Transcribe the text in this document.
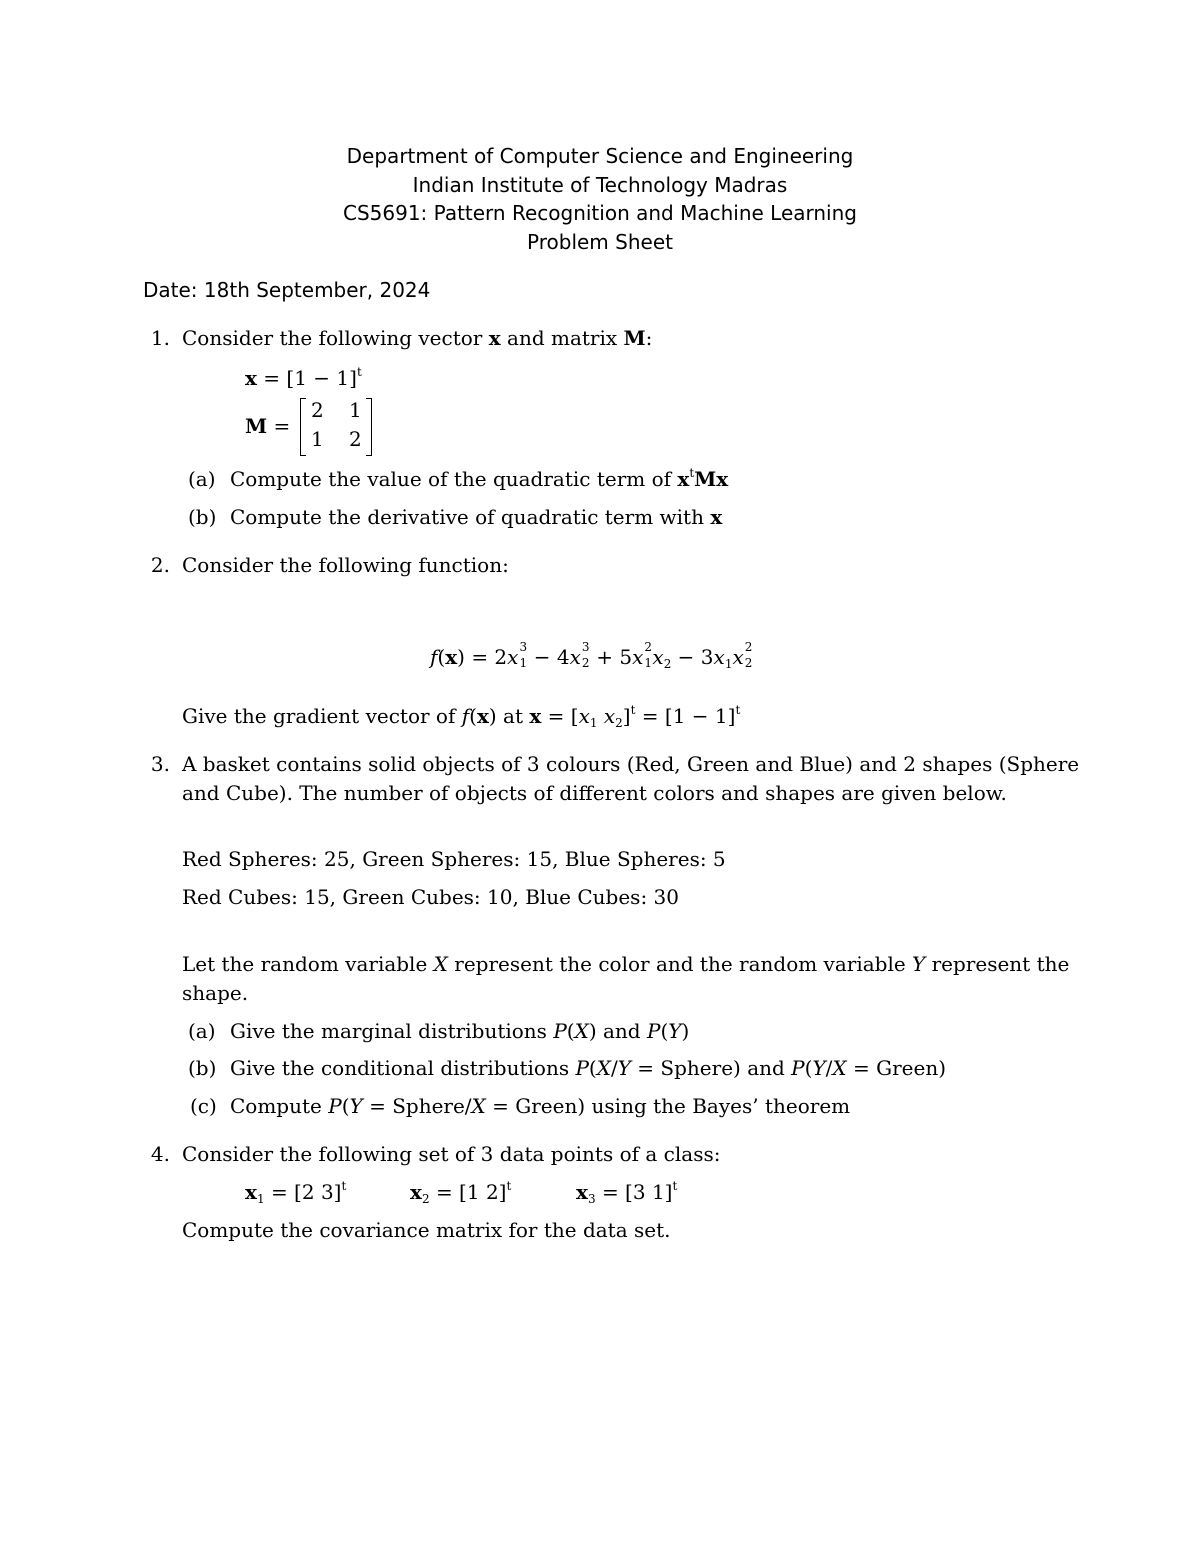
Department of Computer Science and Engineering
Indian Institute of Technology Madras
CS5691: Pattern Recognition and Machine Learning
Problem Sheet
Date: 18th September, 2024
1. Consider the following vector x and matrix M:
$x = [1 - 1]^t$
M =
2 1
1 2
(a) Compute the value of the quadratic term of $x^tMx$
(b) Compute the derivative of quadratic term with x
2. Consider the following function:
f(x) = 2x 3
1 − 4x 3
2 + 5x 2
1 $x_2 - 3x_1x$ 2
2
Give the gradient vector of f(x) at $x = [x_1$ $x_2]^t = [1 - 1]^t$
3. A basket contains solid objects of 3 colours (Red, Green and Blue) and 2 shapes (Sphere
and Cube). The number of objects of different colors and shapes are given below.
Red Spheres: 25, Green Spheres: 15, Blue Spheres: 5
Red Cubes: 15, Green Cubes: 10, Blue Cubes: 30
Let the random variable X represent the color and the random variable Y represent the
shape.
(a) Give the marginal distributions P(X) and P(Y)
(b) Give the conditional distributions P(X/Y = Sphere) and P(Y/X = Green)
(c) Compute P(Y = Sphere/X = Green) using the Bayes’ theorem
4. Consider the following set of 3 data points of a class:
$x_1 = [2$ 3]$^t$	$x_2 = [1$ 2]$^t$	$x_3 = [3$ 1]$^t$
Compute the covariance matrix for the data set.
